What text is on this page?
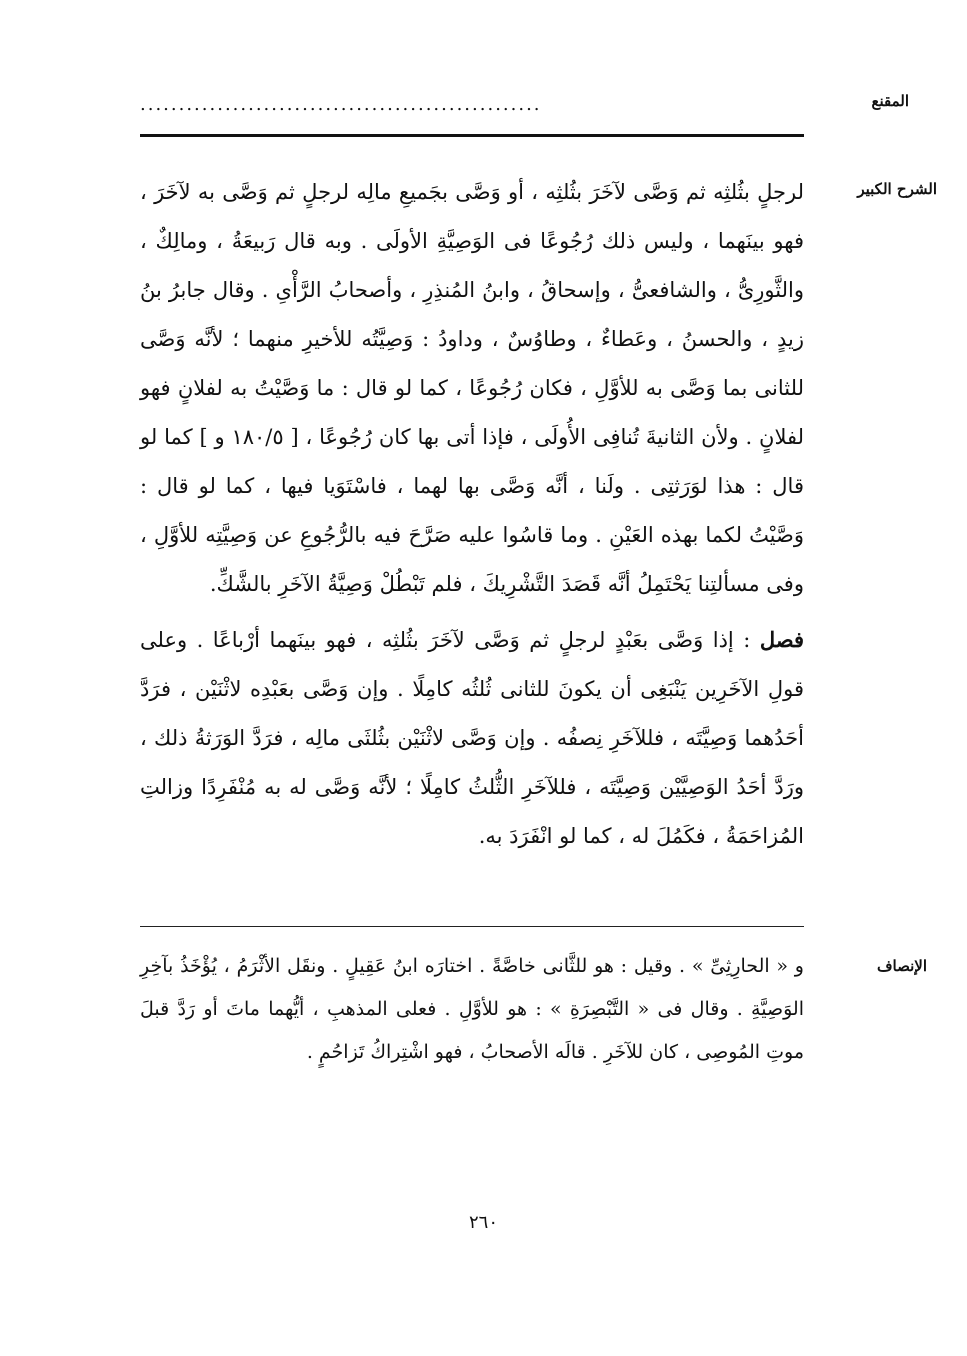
....................................................	المقنع
الشرح الكبير

لرجلٍ بثُلثِه ثم وَصَّى لآخَرَ بثُلثِه ، أو وَصَّى بجَميعِ مالِه لرجلٍ ثم وَصَّى به لآخَرَ ، فهو بينَهما ، وليس ذلك رُجُوعًا فى الوَصِيَّةِ الأولَى . وبه قال رَبيعَةُ ، ومالِكٌ ، والثَّورِىُّ ، والشافعىُّ ، وإسحاقُ ، وابنُ المُنذِرِ ، وأصحابُ الرَّأْىِ . وقال جابرُ بنُ زيدٍ ، والحسنُ ، وعَطاءٌ ، وطاوُسٌ ، وداودُ : وَصِيَّتُه للأخيرِ منهما ؛ لأنَّه وَصَّى للثانى بما وَصَّى به للأوَّلِ ، فكان رُجُوعًا ، كما لو قال : ما وَصَّيْتُ به لفلانٍ فهو لفلانٍ . ولأن الثانيةَ تُنافِى الأُولَى ، فإذا أتى بها كان رُجُوعًا ، [ ١٨٠/٥ و ] كما لو قال : هذا لوَرَثتِى . ولَنا ، أنَّه وَصَّى بها لهما ، فاسْتَوَيا فيها ، كما لو قال : وَصَّيْتُ لكما بهذه العَيْنِ . وما قاسُوا عليه صَرَّحَ فيه بالرُّجُوعِ عن وَصِيَّتِه للأوَّلِ ، وفى مسألتِنا يَحْتَمِلُ أنَّه قَصَدَ التَّشْرِيكَ ، فلم تَبْطُلْ وَصِيَّةُ الآخَرِ بالشَّكِّ.

فصل : إذا وَصَّى بعَبْدٍ لرجلٍ ثم وَصَّى لآخَرَ بثُلثِه ، فهو بينَهما أرْباعًا . وعلى قولِ الآخَرِين يَنْبَغِى أن يكونَ للثانى ثُلثُه كامِلًا . وإن وَصَّى بعَبْدِه لاثْنَيْن ، فرَدَّ أحَدُهما وَصِيَّتَه ، فللآخَرِ نِصفُه . وإن وَصَّى لاثْنَيْن بثُلثَى مالِه ، فرَدَّ الوَرَثةُ ذلك ، ورَدَّ أحَدُ الوَصِيَّيْن وَصِيَّتَه ، فللآخَرِ الثُّلثُ كامِلًا ؛ لأنَّه وَصَّى له به مُنْفَرِدًا وزالتِ المُزاحَمَةُ ، فكَمُلَ له ، كما لو انْفَرَدَ به.

الإنصاف

و « الحارِثِىِّ » . وقيل : هو للثَّانى خاصَّةً . اختارَه ابنُ عَقِيلٍ . ونقَل الأثْرَمُ ، يُؤْخَذُ بآخِرِ الوَصِيَّةِ . وقال فى « التَّبْصِرَةِ » : هو للأوَّلِ . فعلى المذهبِ ، أيُّهما ماتَ أو رَدَّ قبلَ موتِ المُوصِى ، كان للآخَرِ . قالَه الأصحابُ ، فهو اشْتِراكُ تَزاحُمٍ .

٢٦٠
